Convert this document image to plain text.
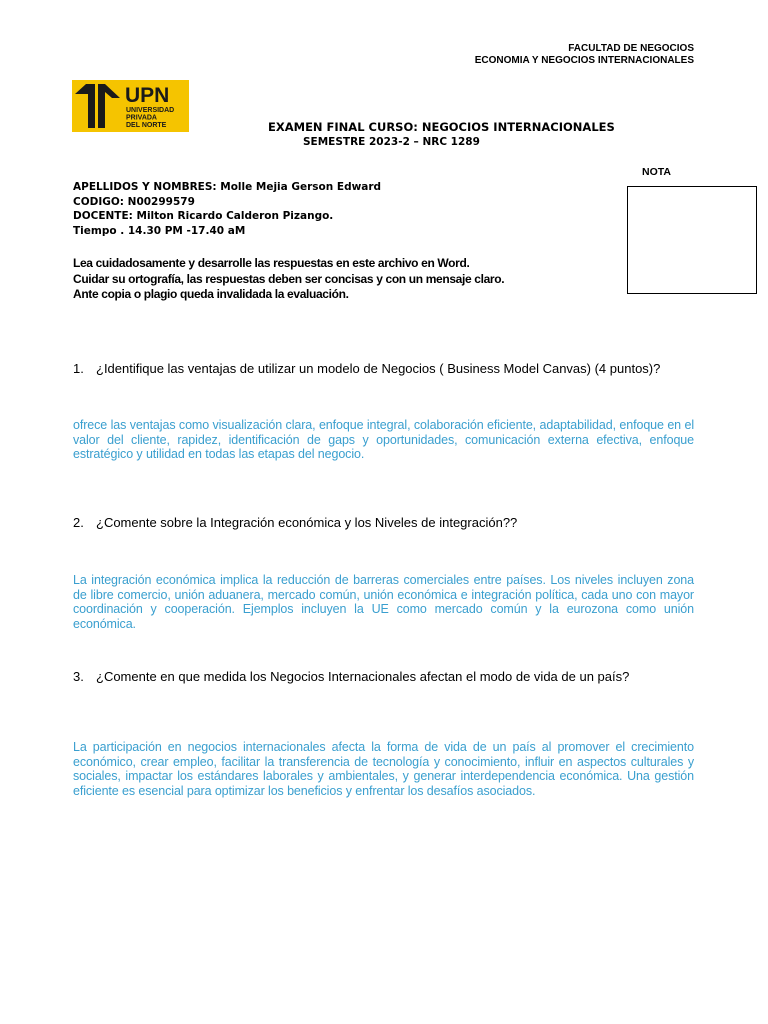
FACULTAD DE NEGOCIOS
ECONOMIA Y NEGOCIOS INTERNACIONALES
UPN
UNIVERSIDAD
PRIVADA
DEL NORTE	EXAMEN FINAL CURSO: NEGOCIOS INTERNACIONALES
SEMESTRE 2023-2 – NRC 1289
NOTA
APELLIDOS Y NOMBRES: Molle Mejia Gerson Edward
CODIGO: N00299579
DOCENTE: Milton Ricardo Calderon Pizango.
Tiempo . 14.30 PM -17.40 aM
Lea cuidadosamente y desarrolle las respuestas en este archivo en Word.
Cuidar su ortografía, las respuestas deben ser concisas y con un mensaje claro.
Ante copia o plagio queda invalidada la evaluación.
1. ¿Identifique las ventajas de utilizar un modelo de Negocios ( Business Model Canvas) (4 puntos)?
ofrece las ventajas como visualización clara, enfoque integral, colaboración eficiente, adaptabilidad, enfoque en el valor del cliente, rapidez, identificación de gaps y oportunidades, comunicación externa efectiva, enfoque estratégico y utilidad en todas las etapas del negocio.
2. ¿Comente sobre la Integración económica y los Niveles de integración??
La integración económica implica la reducción de barreras comerciales entre países. Los niveles incluyen zona de libre comercio, unión aduanera, mercado común, unión económica e integración política, cada uno con mayor coordinación y cooperación. Ejemplos incluyen la UE como mercado común y la eurozona como unión económica.
3. ¿Comente en que medida los Negocios Internacionales afectan el modo de vida de un país?
La participación en negocios internacionales afecta la forma de vida de un país al promover el crecimiento económico, crear empleo, facilitar la transferencia de tecnología y conocimiento, influir en aspectos culturales y sociales, impactar los estándares laborales y ambientales, y generar interdependencia económica. Una gestión eficiente es esencial para optimizar los beneficios y enfrentar los desafíos asociados.
